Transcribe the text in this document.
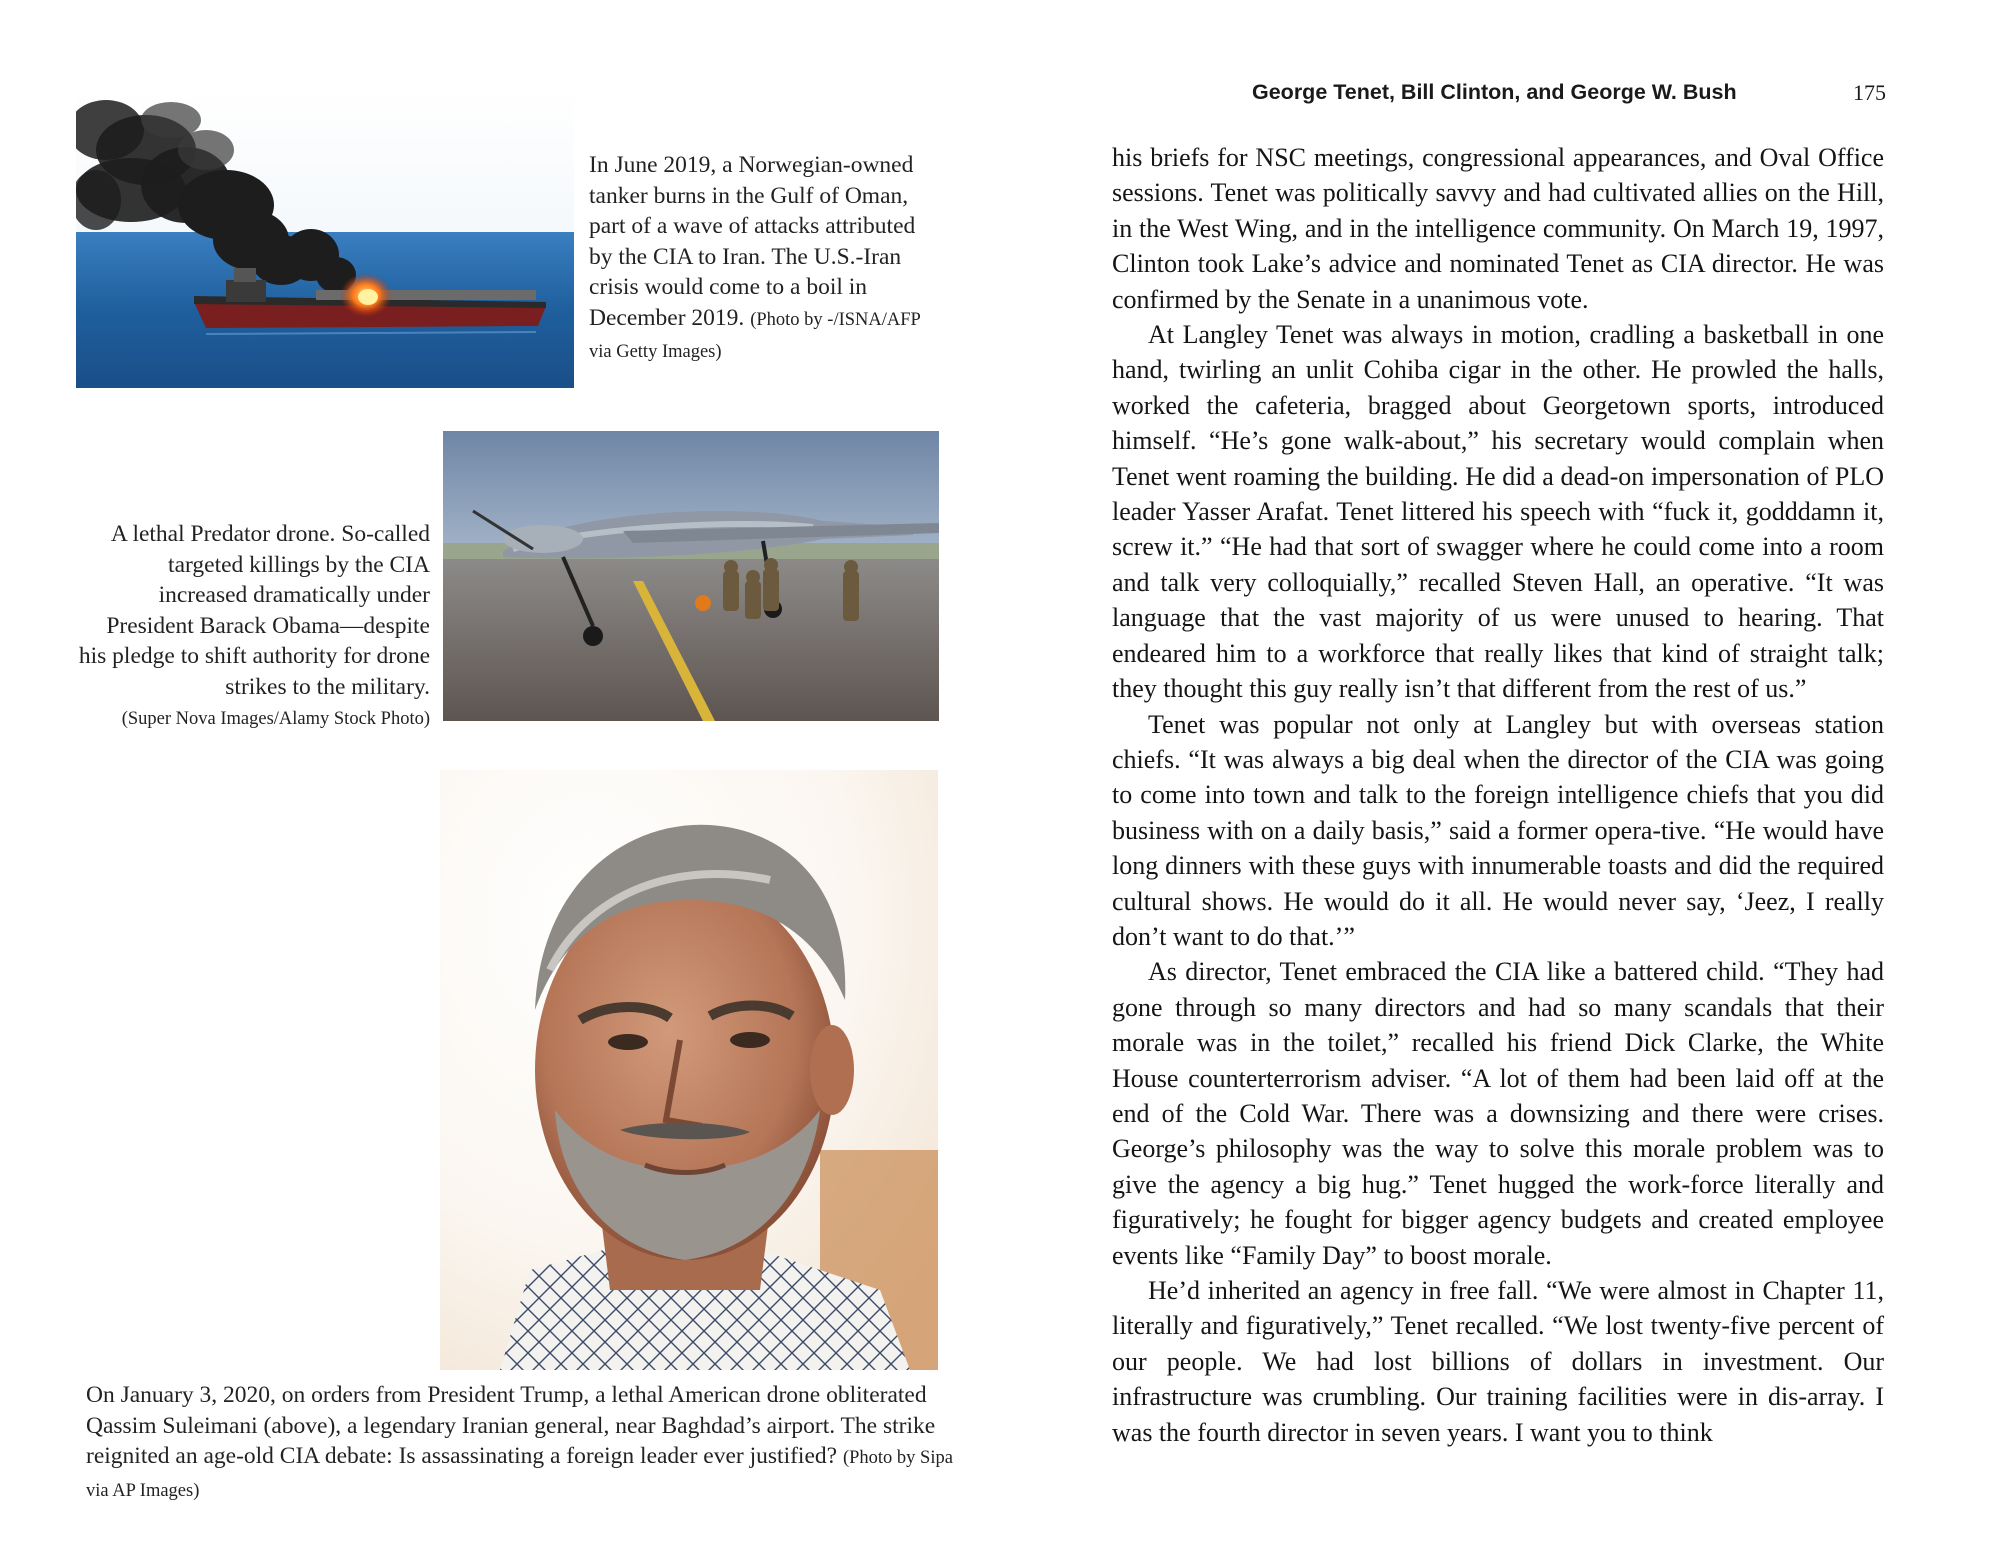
In June 2019, a Norwegian-owned tanker burns in the Gulf of Oman, part of a wave of attacks attributed by the CIA to Iran. The U.S.-Iran crisis would come to a boil in December 2019. (Photo by -/ISNA/AFP via Getty Images)
A lethal Predator drone. So-called targeted killings by the CIA increased dramatically under President Barack Obama—despite his pledge to shift authority for drone strikes to the military.
(Super Nova Images/Alamy Stock Photo)
On January 3, 2020, on orders from President Trump, a lethal American drone obliterated Qassim Suleimani (above), a legendary Iranian general, near Baghdad’s airport. The strike reignited an age-old CIA debate: Is assassinating a foreign leader ever justified? (Photo by Sipa via AP Images)
George Tenet, Bill Clinton, and George W. Bush	175

his briefs for NSC meetings, congressional appearances, and Oval Office sessions. Tenet was politically savvy and had cultivated allies on the Hill, in the West Wing, and in the intelligence community. On March 19, 1997, Clinton took Lake’s advice and nominated Tenet as CIA director. He was confirmed by the Senate in a unanimous vote.

At Langley Tenet was always in motion, cradling a basketball in one hand, twirling an unlit Cohiba cigar in the other. He prowled the halls, worked the cafeteria, bragged about Georgetown sports, introduced himself. “He’s gone walk-about,” his secretary would complain when Tenet went roaming the building. He did a dead-on impersonation of PLO leader Yasser Arafat. Tenet littered his speech with “fuck it, godddamn it, screw it.” “He had that sort of swagger where he could come into a room and talk very colloquially,” recalled Steven Hall, an operative. “It was language that the vast majority of us were unused to hearing. That endeared him to a workforce that really likes that kind of straight talk; they thought this guy really isn’t that different from the rest of us.”

Tenet was popular not only at Langley but with overseas station chiefs. “It was always a big deal when the director of the CIA was going to come into town and talk to the foreign intelligence chiefs that you did business with on a daily basis,” said a former opera-tive. “He would have long dinners with these guys with innumerable toasts and did the required cultural shows. He would do it all. He would never say, ‘Jeez, I really don’t want to do that.’”

As director, Tenet embraced the CIA like a battered child. “They had gone through so many directors and had so many scandals that their morale was in the toilet,” recalled his friend Dick Clarke, the White House counterterrorism adviser. “A lot of them had been laid off at the end of the Cold War. There was a downsizing and there were crises. George’s philosophy was the way to solve this morale problem was to give the agency a big hug.” Tenet hugged the work-force literally and figuratively; he fought for bigger agency budgets and created employee events like “Family Day” to boost morale.

He’d inherited an agency in free fall. “We were almost in Chapter 11, literally and figuratively,” Tenet recalled. “We lost twenty-five percent of our people. We had lost billions of dollars in investment. Our infrastructure was crumbling. Our training facilities were in dis-array. I was the fourth director in seven years. I want you to think
